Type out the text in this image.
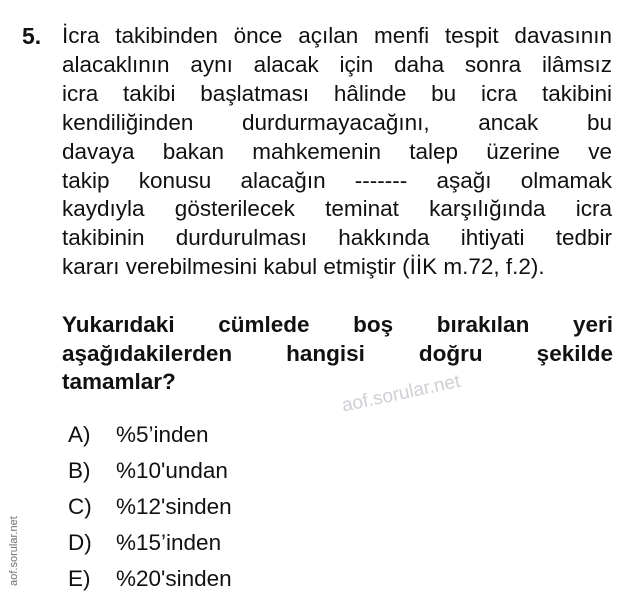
5. İcra takibinden önce açılan menfi tespit davasının
alacaklının aynı alacak için daha sonra ilâmsız
icra takibi başlatması hâlinde bu icra takibini
kendiliğinden durdurmayacağını, ancak bu
davaya bakan mahkemenin talep üzerine ve
takip konusu alacağın ------- aşağı olmamak
kaydıyla gösterilecek teminat karşılığında icra
takibinin durdurulması hakkında ihtiyati tedbir
kararı verebilmesini kabul etmiştir (İİK m.72, f.2).
Yukarıdaki cümlede boş bırakılan yeri
aşağıdakilerden hangisi doğru şekilde
tamamlar?	aof.sorular.net
A)	%5’inden
B)	%10'undan
C)	%12'sinden
D)	%15’inden
E)	%20'sinden
aof.sorular.net
